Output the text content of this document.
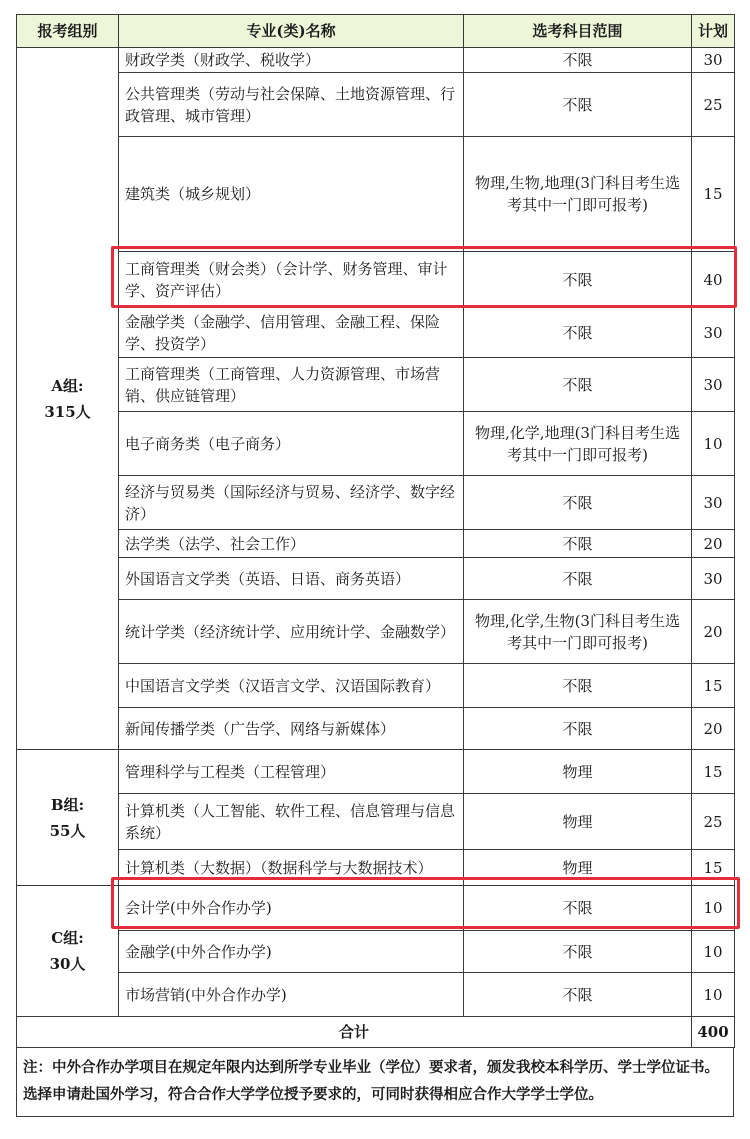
报考组别	专业(类)名称	选考科目范围	计划
A组:
315人	财政学类（财政学、税收学）	不限	30
	公共管理类（劳动与社会保障、土地资源管理、行政管理、城市管理）	不限	25
	建筑类（城乡规划）	物理,生物,地理(3门科目考生选考其中一门即可报考)	15
	工商管理类（财会类）（会计学、财务管理、审计学、资产评估）	不限	40
	金融学类（金融学、信用管理、金融工程、保险学、投资学）	不限	30
	工商管理类（工商管理、人力资源管理、市场营销、供应链管理）	不限	30
	电子商务类（电子商务）	物理,化学,地理(3门科目考生选考其中一门即可报考)	10
	经济与贸易类（国际经济与贸易、经济学、数字经济）	不限	30
	法学类（法学、社会工作）	不限	20
	外国语言文学类（英语、日语、商务英语）	不限	30
	统计学类（经济统计学、应用统计学、金融数学）	物理,化学,生物(3门科目考生选考其中一门即可报考)	20
	中国语言文学类（汉语言文学、汉语国际教育）	不限	15
	新闻传播学类（广告学、网络与新媒体）	不限	20
B组:
55人	管理科学与工程类（工程管理）	物理	15
	计算机类（人工智能、软件工程、信息管理与信息系统）	物理	25
	计算机类（大数据）（数据科学与大数据技术）	物理	15
C组:
30人	会计学(中外合作办学)	不限	10
	金融学(中外合作办学)	不限	10
	市场营销(中外合作办学)	不限	10
合计			400
注：中外合作办学项目在规定年限内达到所学专业毕业（学位）要求者，颁发我校本科学历、学士学位证书。选择申请赴国外学习，符合合作大学学位授予要求的，可同时获得相应合作大学学士学位。
